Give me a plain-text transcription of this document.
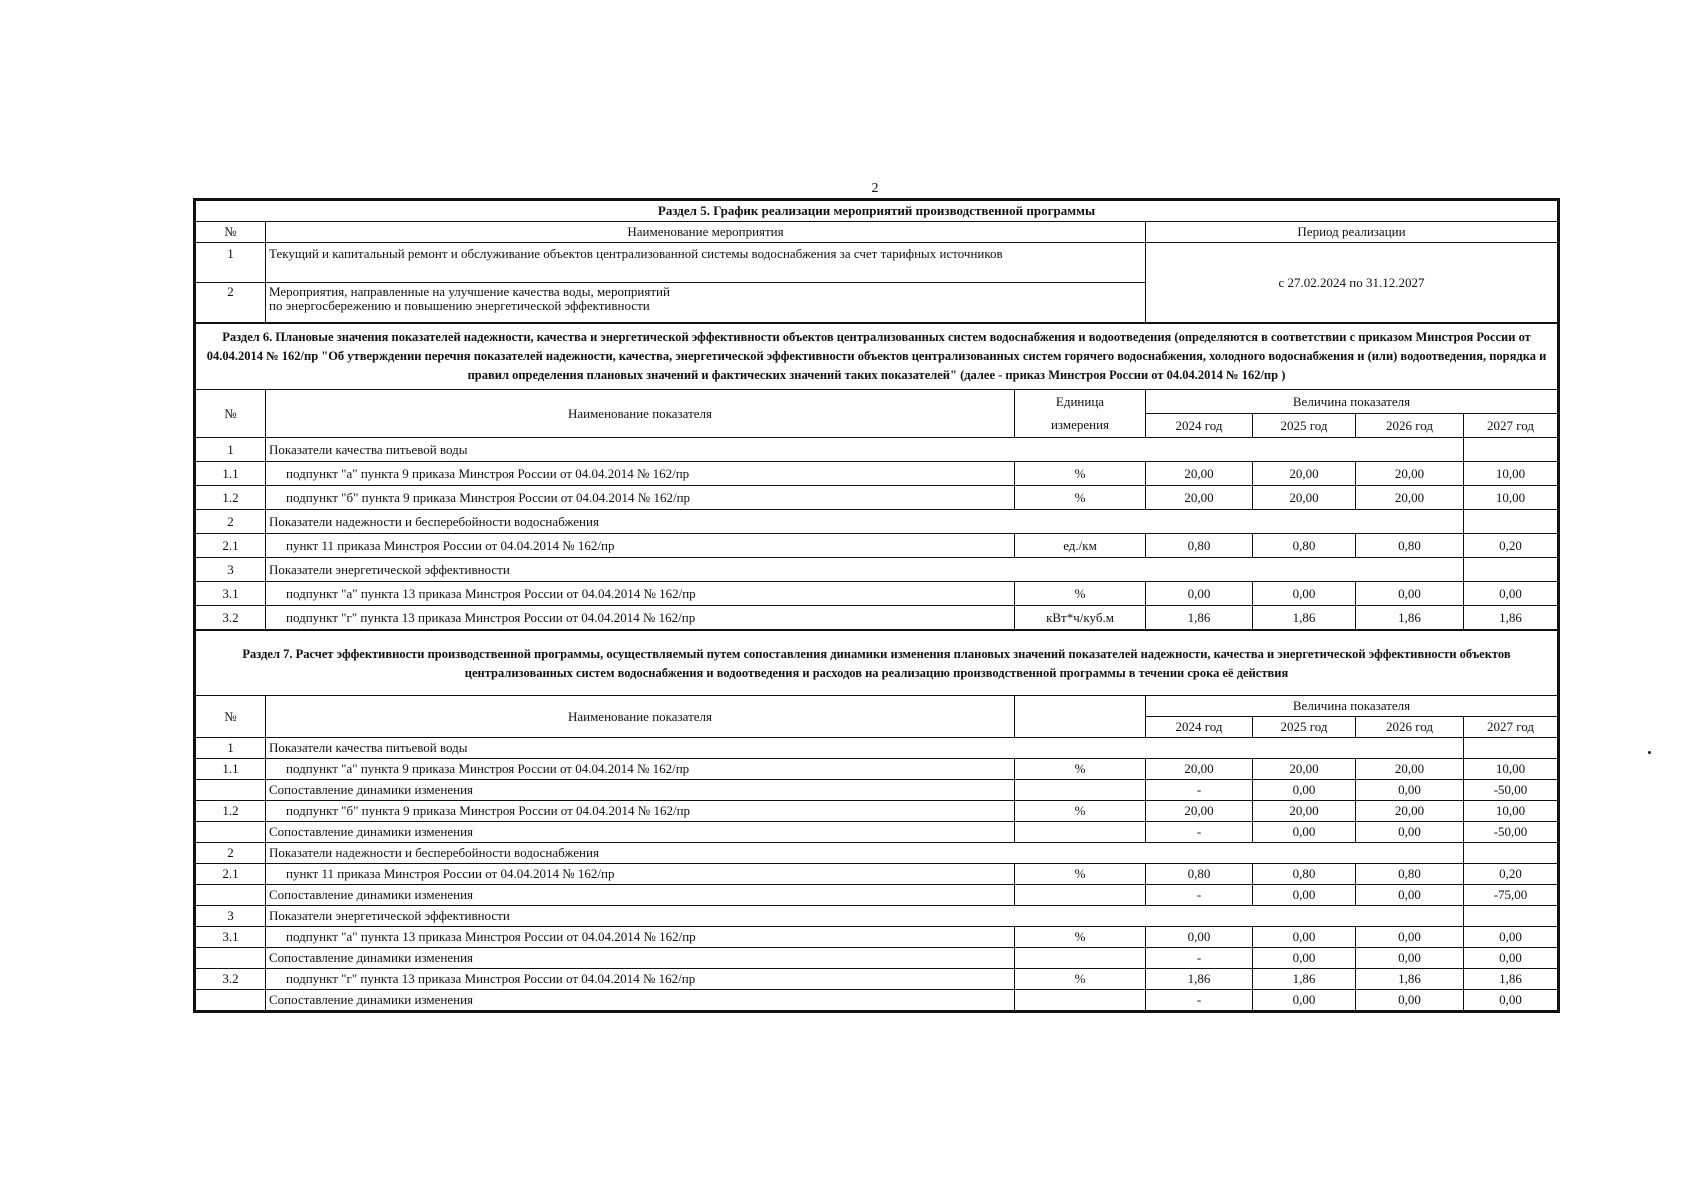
2
Раздел 5. График реализации мероприятий производственной программы		
№	Наименование мероприятия	Период реализации
1	Текущий и капитальный ремонт и обслуживание объектов централизованной системы водоснабжения за счет тарифных источников	с 27.02.2024 по 31.12.2027
2	Мероприятия, направленные на улучшение качества воды, мероприятий
по энергосбережению и повышению энергетической эффективности	
Раздел 6. Плановые значения показателей надежности, качества и энергетической эффективности объектов централизованных систем водоснабжения и водоотведения (определяются в соответствии с приказом Минстроя России от 04.04.2014 № 162/пр "Об утверждении перечня показателей надежности, качества, энергетической эффективности объектов централизованных систем горячего водоснабжения, холодного водоснабжения и (или) водоотведения, порядка и правил определения плановых значений и фактических значений таких показателей" (далее - приказ Минстроя России от 04.04.2014 № 162/пр )						
№	Наименование показателя	Единица	Величина показателя			
		измерения	2024 год	2025 год	2026 год	2027 год
1	Показатели качества питьевой воды					
1.1	подпункт "а" пункта 9 приказа Минстроя России от 04.04.2014 № 162/пр	%	20,00	20,00	20,00	10,00
1.2	подпункт "б" пункта 9 приказа Минстроя России от 04.04.2014 № 162/пр	%	20,00	20,00	20,00	10,00
2	Показатели надежности и бесперебойности водоснабжения					
2.1	пункт 11 приказа Минстроя России от 04.04.2014 № 162/пр	ед./км	0,80	0,80	0,80	0,20
3	Показатели энергетической эффективности					
3.1	подпункт "а" пункта 13 приказа Минстроя России от 04.04.2014 № 162/пр	%	0,00	0,00	0,00	0,00
3.2	подпункт "г" пункта 13 приказа Минстроя России от 04.04.2014 № 162/пр	кВт*ч/куб.м	1,86	1,86	1,86	1,86
Раздел 7. Расчет эффективности производственной программы, осуществляемый путем сопоставления динамики изменения плановых значений показателей надежности, качества и энергетической эффективности объектов централизованных систем водоснабжения и водоотведения и расходов на реализацию производственной программы в течении срока её действия						
№	Наименование показателя		Величина показателя			
			2024 год	2025 год	2026 год	2027 год
1	Показатели качества питьевой воды					
1.1	подпункт "а" пункта 9 приказа Минстроя России от 04.04.2014 № 162/пр	%	20,00	20,00	20,00	10,00
	Сопоставление динамики изменения		-	0,00	0,00	-50,00
1.2	подпункт "б" пункта 9 приказа Минстроя России от 04.04.2014 № 162/пр	%	20,00	20,00	20,00	10,00
	Сопоставление динамики изменения		-	0,00	0,00	-50,00
2	Показатели надежности и бесперебойности водоснабжения					
2.1	пункт 11 приказа Минстроя России от 04.04.2014 № 162/пр	%	0,80	0,80	0,80	0,20
	Сопоставление динамики изменения		-	0,00	0,00	-75,00
3	Показатели энергетической эффективности					
3.1	подпункт "а" пункта 13 приказа Минстроя России от 04.04.2014 № 162/пр	%	0,00	0,00	0,00	0,00
	Сопоставление динамики изменения		-	0,00	0,00	0,00
3.2	подпункт "г" пункта 13 приказа Минстроя России от 04.04.2014 № 162/пр	%	1,86	1,86	1,86	1,86
	Сопоставление динамики изменения		-	0,00	0,00	0,00
